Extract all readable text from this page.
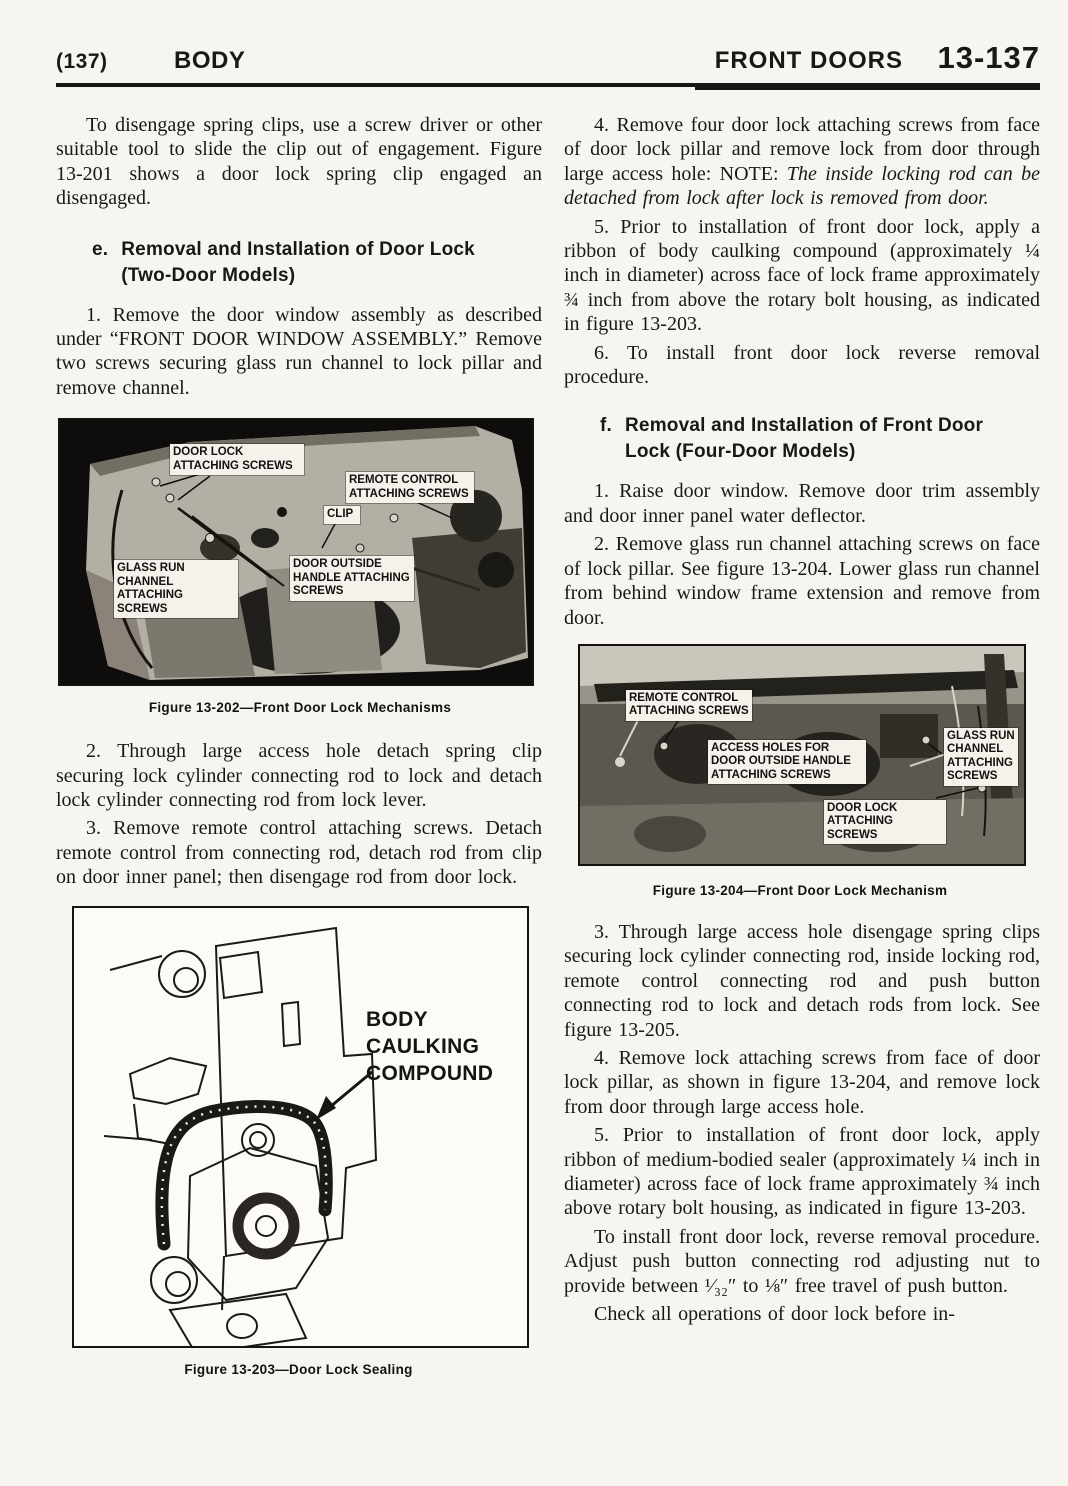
(137)	BODY	FRONT DOORS 13-137

To disengage spring clips, use a screw driver or other suitable tool to slide the clip out of engagement. Figure 13-201 shows a door lock spring clip engaged an disengaged.

e. Removal and Installation of Door Lock (Two-Door Models)

1. Remove the door window assembly as described under “FRONT DOOR WINDOW ASSEMBLY.” Remove two screws securing glass run channel to lock pillar and remove channel.

DOOR LOCK ATTACHING SCREWS
REMOTE CONTROL ATTACHING SCREWS
CLIP
DOOR OUTSIDE HANDLE ATTACHING SCREWS
GLASS RUN CHANNEL ATTACHING SCREWS
Figure 13-202—Front Door Lock Mechanisms

2. Through large access hole detach spring clip securing lock cylinder connecting rod to lock and detach lock cylinder connecting rod from lock lever.

3. Remove remote control attaching screws. Detach remote control from connecting rod, detach rod from clip on door inner panel; then disengage rod from door lock.

BODY CAULKING COMPOUND
Figure 13-203—Door Lock Sealing

4. Remove four door lock attaching screws from face of door lock pillar and remove lock from door through large access hole: NOTE: The inside locking rod can be detached from lock after lock is removed from door.

5. Prior to installation of front door lock, apply a ribbon of body caulking compound (approximately ¼ inch in diameter) across face of lock frame approximately ¾ inch from above the rotary bolt housing, as indicated in figure 13-203.

6. To install front door lock reverse removal procedure.

f. Removal and Installation of Front Door Lock (Four-Door Models)

1. Raise door window. Remove door trim assembly and door inner panel water deflector.

2. Remove glass run channel attaching screws on face of lock pillar. See figure 13-204. Lower glass run channel from behind window frame extension and remove from door.

REMOTE CONTROL ATTACHING SCREWS
ACCESS HOLES FOR DOOR OUTSIDE HANDLE ATTACHING SCREWS
GLASS RUN CHANNEL ATTACHING SCREWS
DOOR LOCK ATTACHING SCREWS
Figure 13-204—Front Door Lock Mechanism

3. Through large access hole disengage spring clips securing lock cylinder connecting rod, inside locking rod, remote control connecting rod and push button connecting rod to lock and detach rods from lock. See figure 13-205.

4. Remove lock attaching screws from face of door lock pillar, as shown in figure 13-204, and remove lock from door through large access hole.

5. Prior to installation of front door lock, apply ribbon of medium-bodied sealer (approximately ¼ inch in diameter) across face of lock frame approximately ¾ inch above rotary bolt housing, as indicated in figure 13-203.

To install front door lock, reverse removal procedure. Adjust push button connecting rod adjusting nut to provide between ¹⁄₃₂″ to ⅛″ free travel of push button.

Check all operations of door lock before in-
